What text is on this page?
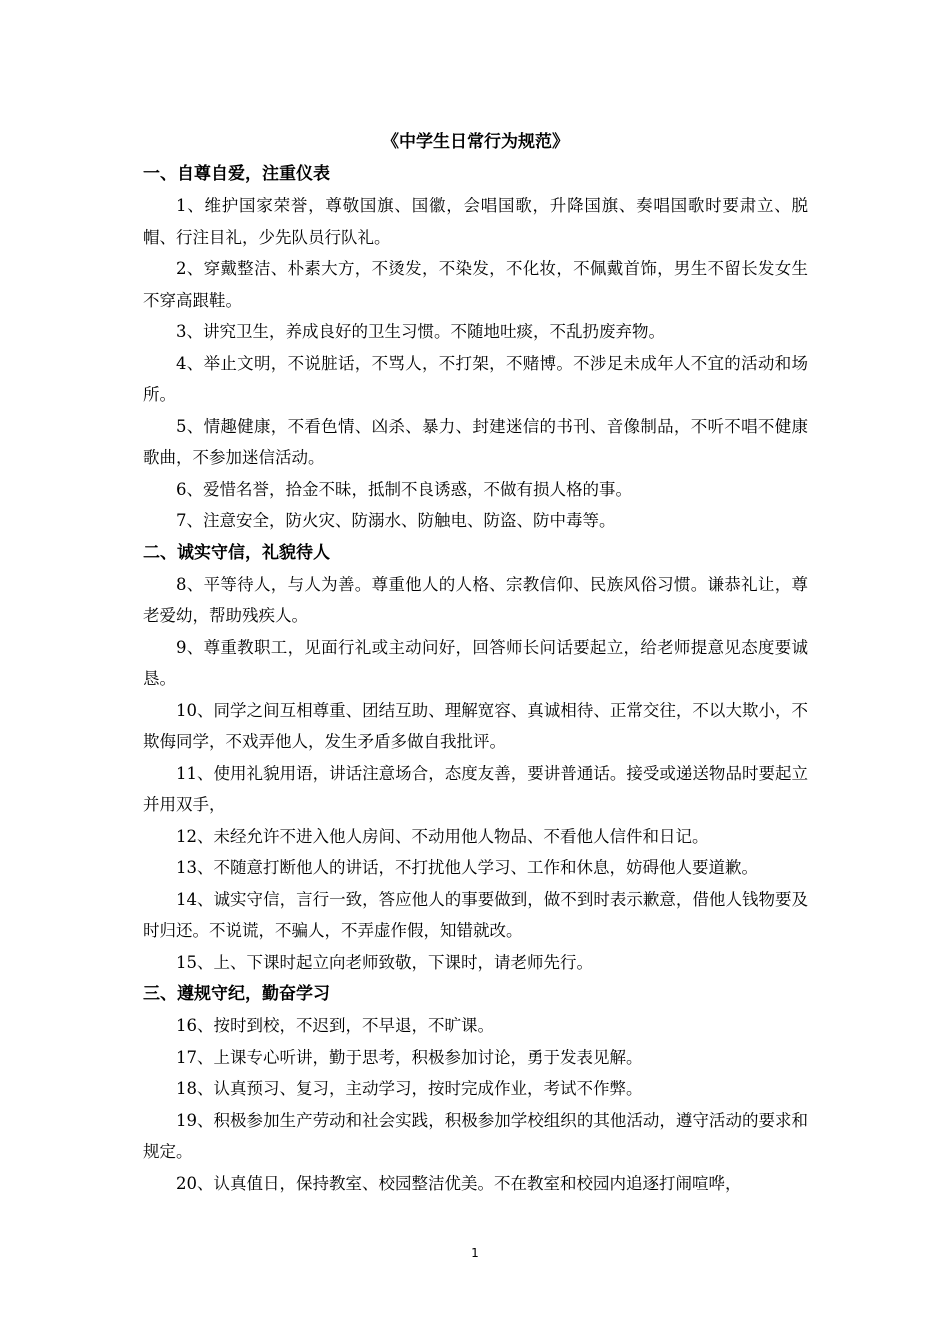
《中学生日常行为规范》

一、自尊自爱，注重仪表

1、维护国家荣誉，尊敬国旗、国徽，会唱国歌，升降国旗、奏唱国歌时要肃立、脱帽、行注目礼，少先队员行队礼。

2、穿戴整洁、朴素大方，不烫发，不染发，不化妆，不佩戴首饰，男生不留长发女生不穿高跟鞋。

3、讲究卫生，养成良好的卫生习惯。不随地吐痰，不乱扔废弃物。

4、举止文明，不说脏话，不骂人，不打架，不赌博。不涉足未成年人不宜的活动和场所。

5、情趣健康，不看色情、凶杀、暴力、封建迷信的书刊、音像制品，不听不唱不健康歌曲，不参加迷信活动。

6、爱惜名誉，拾金不昧，抵制不良诱惑，不做有损人格的事。

7、注意安全，防火灾、防溺水、防触电、防盗、防中毒等。

二、诚实守信，礼貌待人

8、平等待人，与人为善。尊重他人的人格、宗教信仰、民族风俗习惯。谦恭礼让，尊老爱幼，帮助残疾人。

9、尊重教职工，见面行礼或主动问好，回答师长问话要起立，给老师提意见态度要诚恳。

10、同学之间互相尊重、团结互助、理解宽容、真诚相待、正常交往，不以大欺小，不欺侮同学，不戏弄他人，发生矛盾多做自我批评。

11、使用礼貌用语，讲话注意场合，态度友善，要讲普通话。接受或递送物品时要起立并用双手，

12、未经允许不进入他人房间、不动用他人物品、不看他人信件和日记。

13、不随意打断他人的讲话，不打扰他人学习、工作和休息，妨碍他人要道歉。

14、诚实守信，言行一致，答应他人的事要做到，做不到时表示歉意，借他人钱物要及时归还。不说谎，不骗人，不弄虚作假，知错就改。

15、上、下课时起立向老师致敬，下课时，请老师先行。

三、遵规守纪，勤奋学习

16、按时到校，不迟到，不早退，不旷课。

17、上课专心听讲，勤于思考，积极参加讨论，勇于发表见解。

18、认真预习、复习，主动学习，按时完成作业，考试不作弊。

19、积极参加生产劳动和社会实践，积极参加学校组织的其他活动，遵守活动的要求和规定。

20、认真值日，保持教室、校园整洁优美。不在教室和校园内追逐打闹喧哗，

1
